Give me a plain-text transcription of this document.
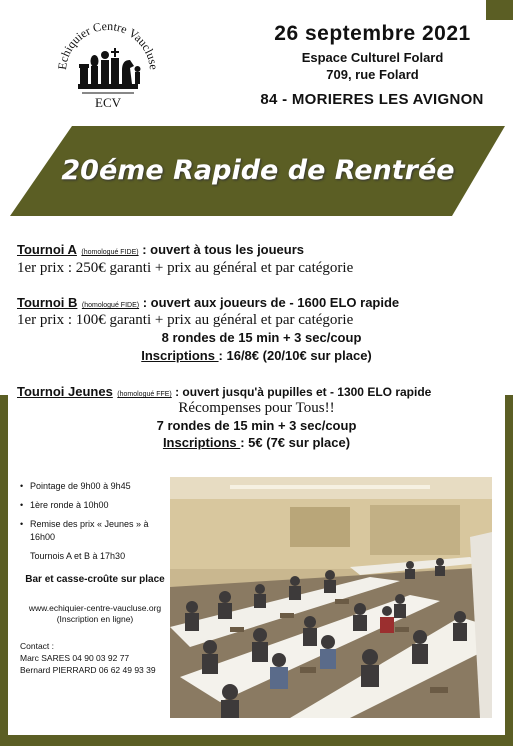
Echiquier Centre Vaucluse
ECV
26 septembre 2021
Espace Culturel Folard
709, rue Folard
84 - MORIERES LES AVIGNON
20éme Rapide de Rentrée
Tournoi A (homologué FIDE) : ouvert à tous les joueurs
1er prix : 250€ garanti + prix au général et par catégorie
Tournoi B (homologué FIDE) : ouvert aux joueurs de - 1600 ELO rapide
1er prix : 100€ garanti + prix au général et par catégorie
8 rondes de 15 min + 3 sec/coup
Inscriptions : 16/8€ (20/10€ sur place)
Tournoi Jeunes (homologué FFE) : ouvert jusqu'à pupilles et - 1300 ELO rapide
Récompenses pour Tous!!
7 rondes de 15 min + 3 sec/coup
Inscriptions : 5€ (7€ sur place)
• Pointage de 9h00 à 9h45
• 1ère ronde à 10h00
• Remise des prix « Jeunes » à 16h00
Tournois A et B à 17h30
Bar et casse-croûte sur place
www.echiquier-centre-vaucluse.org
(Inscription en ligne)
Contact :
Marc SARES 04 90 03 92 77
Bernard PIERRARD 06 62 49 93 39
